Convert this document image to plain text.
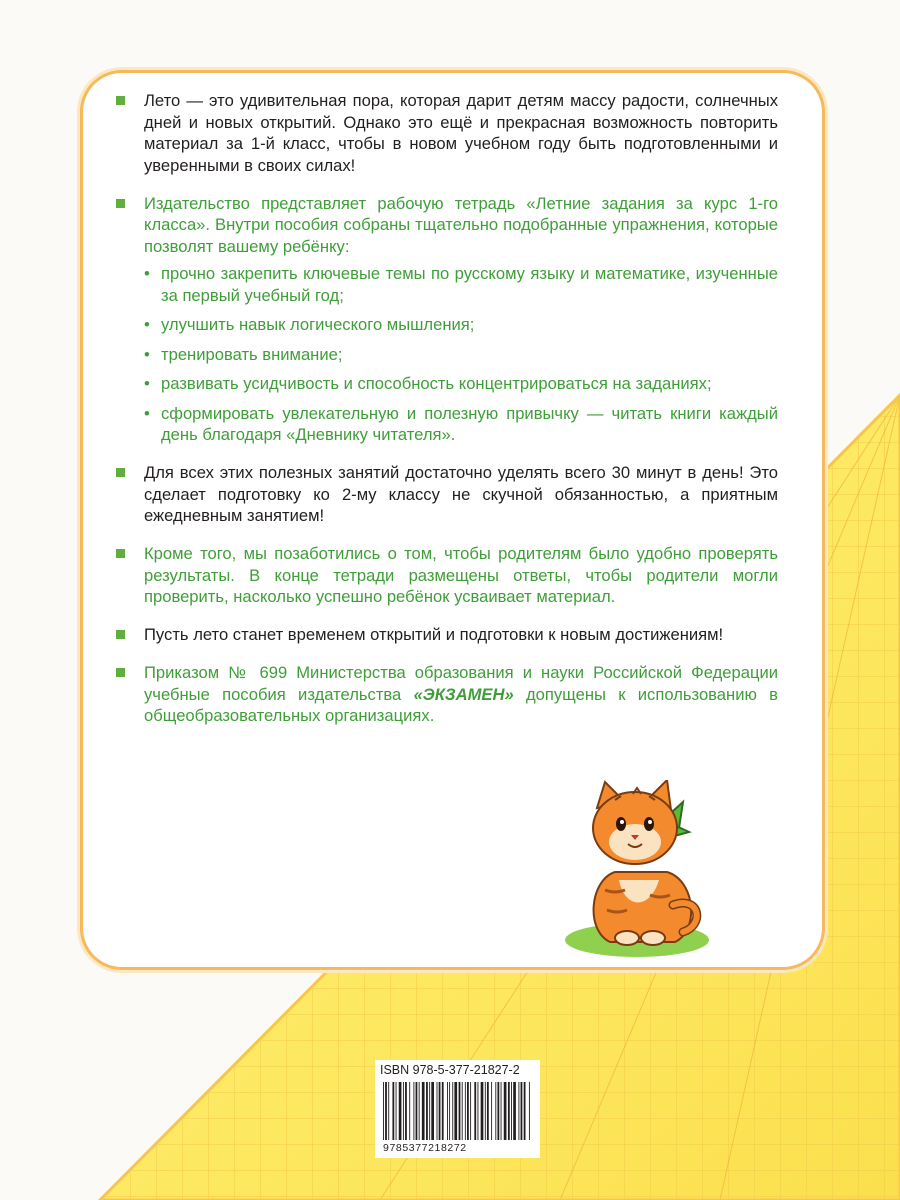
Лето — это удивительная пора, которая дарит детям массу радости, солнечных дней и новых открытий. Однако это ещё и прекрасная возможность повторить материал за 1-й класс, чтобы в новом учебном году быть подготовленными и уверенными в своих силах!

Издательство представляет рабочую тетрадь «Летние задания за курс 1-го класса». Внутри пособия собраны тщательно подобранные упражнения, которые позволят вашему ребёнку:

• прочно закрепить ключевые темы по русскому языку и математике, изученные за первый учебный год;
• улучшить навык логического мышления;
• тренировать внимание;
• развивать усидчивость и способность концентрироваться на заданиях;
• сформировать увлекательную и полезную привычку — читать книги каждый день благодаря «Дневнику читателя».

Для всех этих полезных занятий достаточно уделять всего 30 минут в день! Это сделает подготовку ко 2-му классу не скучной обязанностью, а приятным ежедневным занятием!

Кроме того, мы позаботились о том, чтобы родителям было удобно проверять результаты. В конце тетради размещены ответы, чтобы родители могли проверить, насколько успешно ребёнок усваивает материал.

Пусть лето станет временем открытий и подготовки к новым достижениям!

Приказом № 699 Министерства образования и науки Российской Федерации учебные пособия издательства «ЭКЗАМЕН» допущены к использованию в общеобразовательных организациях.

ISBN 978-5-377-21827-2
9785377218272
